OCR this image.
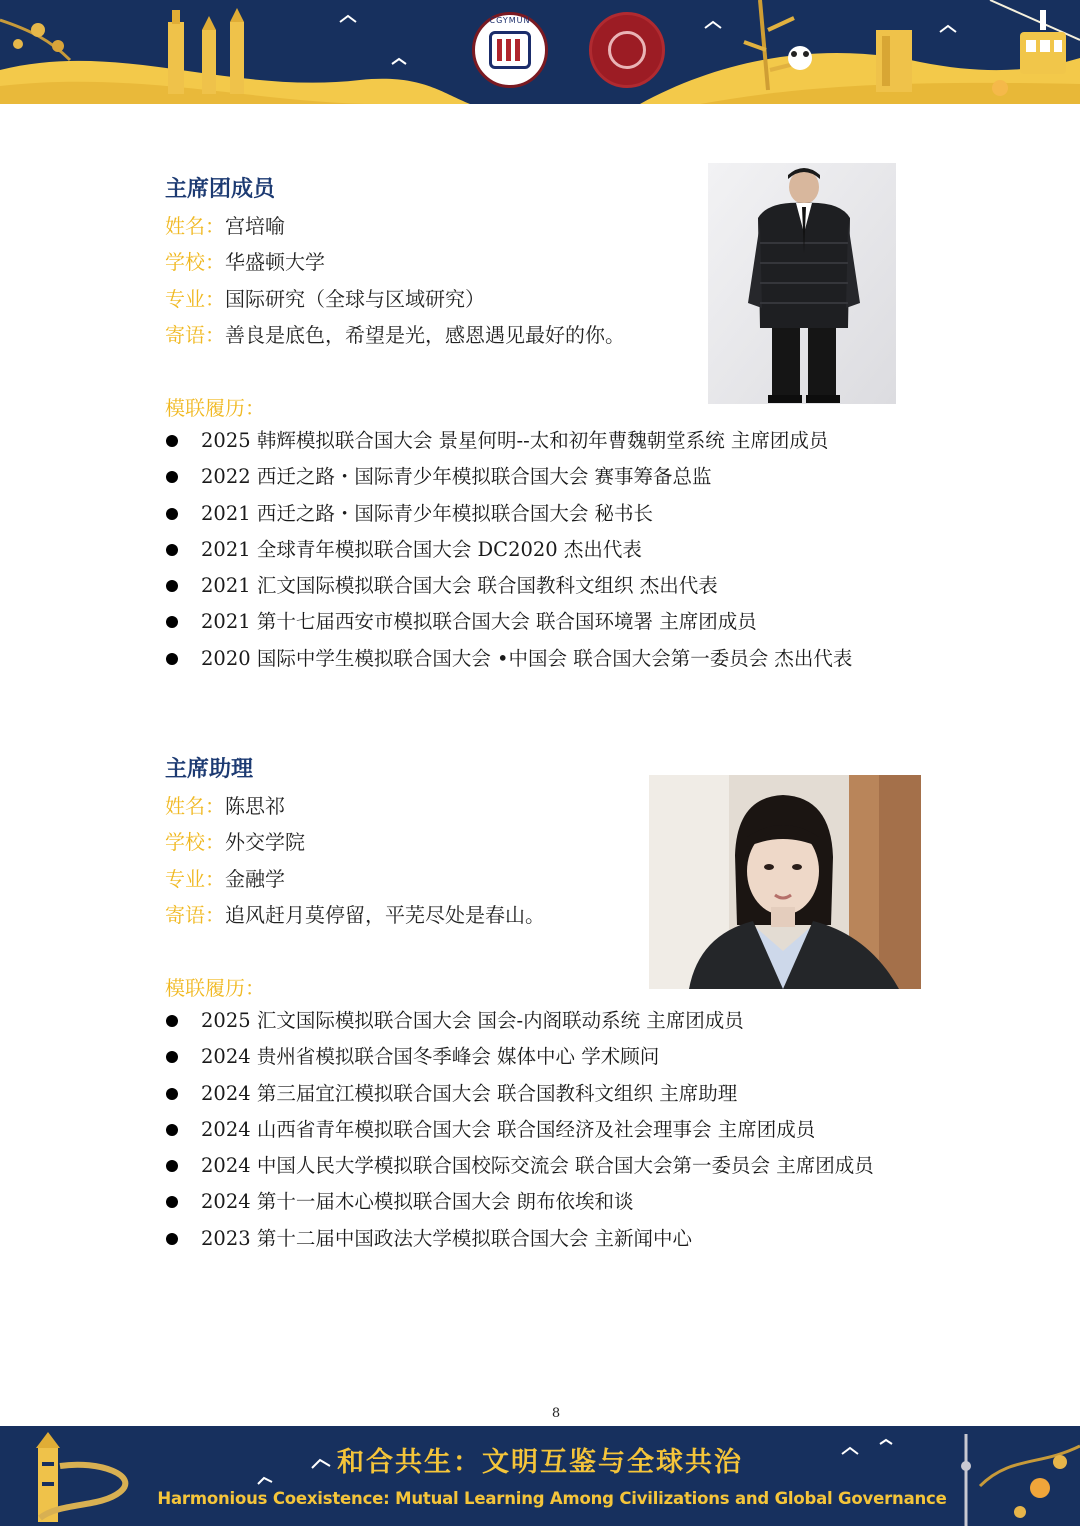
CGYMUN
主席团成员
姓名：宫培喻
学校：华盛顿大学
专业：国际研究（全球与区域研究）
寄语：善良是底色，希望是光，感恩遇见最好的你。
模联履历：
2025 韩辉模拟联合国大会 景星何明--太和初年曹魏朝堂系统 主席团成员
2022 西迁之路・国际青少年模拟联合国大会 赛事筹备总监
2021 西迁之路・国际青少年模拟联合国大会 秘书长
2021 全球青年模拟联合国大会 DC2020 杰出代表
2021 汇文国际模拟联合国大会 联合国教科文组织 杰出代表
2021 第十七届西安市模拟联合国大会 联合国环境署 主席团成员
2020 国际中学生模拟联合国大会 •中国会 联合国大会第一委员会 杰出代表
主席助理
姓名：陈思祁
学校：外交学院
专业：金融学
寄语：追风赶月莫停留，平芜尽处是春山。
模联履历：
2025 汇文国际模拟联合国大会 国会-内阁联动系统 主席团成员
2024 贵州省模拟联合国冬季峰会 媒体中心 学术顾问
2024 第三届宜江模拟联合国大会 联合国教科文组织 主席助理
2024 山西省青年模拟联合国大会 联合国经济及社会理事会 主席团成员
2024 中国人民大学模拟联合国校际交流会 联合国大会第一委员会 主席团成员
2024 第十一届木心模拟联合国大会 朗布依埃和谈
2023 第十二届中国政法大学模拟联合国大会 主新闻中心
8
和合共生：文明互鉴与全球共治
Harmonious Coexistence: Mutual Learning Among Civilizations and Global Governance
